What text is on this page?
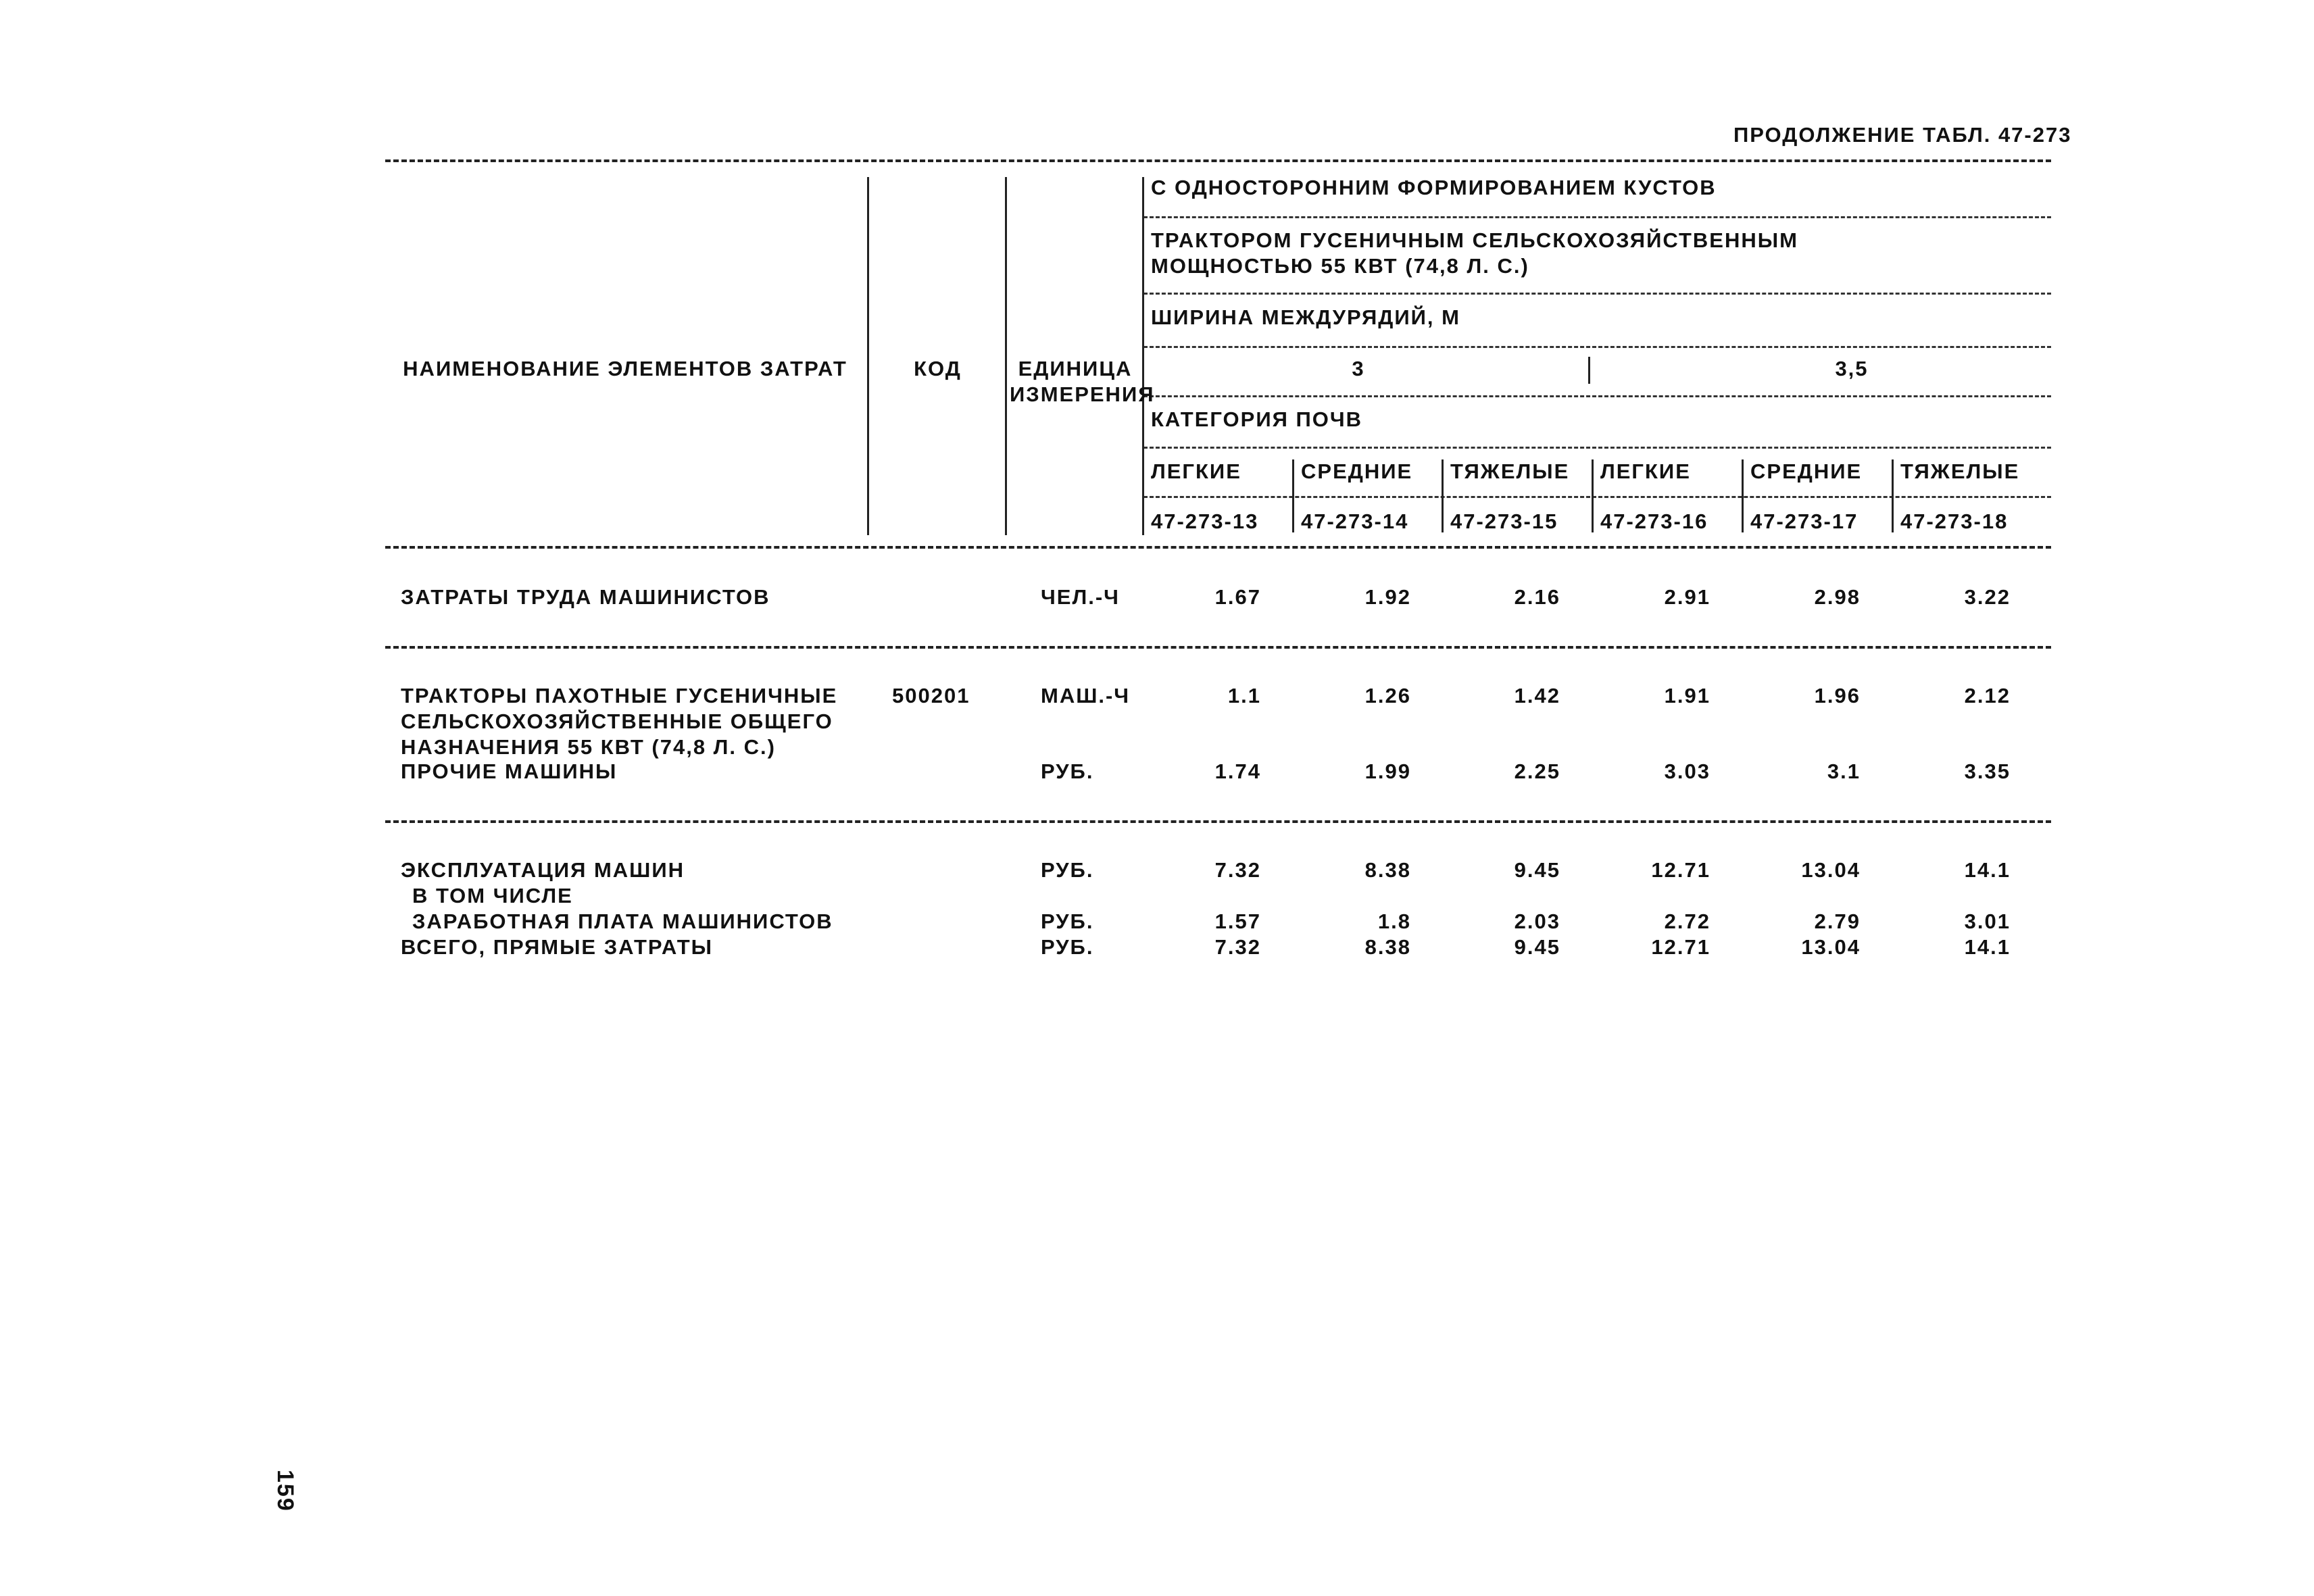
ПРОДОЛЖЕНИЕ ТАБЛ. 47-273
НАИМЕНОВАНИЕ ЭЛЕМЕНТОВ ЗАТРАТ	КОД	ЕДИНИЦА
ИЗМЕРЕНИЯ
С ОДНОСТОРОННИМ ФОРМИРОВАНИЕМ КУСТОВ
ТРАКТОРОМ ГУСЕНИЧНЫМ СЕЛЬСКОХОЗЯЙСТВЕННЫМ
МОЩНОСТЬЮ 55 КВТ (74,8 Л. С.)
ШИРИНА МЕЖДУРЯДИЙ, М
3	3,5
КАТЕГОРИЯ ПОЧВ
ЛЕГКИЕ	СРЕДНИЕ ТЯЖЕЛЫЕ ЛЕГКИЕ	СРЕДНИЕ ТЯЖЕЛЫЕ
47-273-13 47-273-14 47-273-15 47-273-16 47-273-17 47-273-18
ЗАТРАТЫ ТРУДА МАШИНИСТОВ	ЧЕЛ.-Ч	1.67	1.92	2.16	2.91	2.98	3.22
ТРАКТОРЫ ПАХОТНЫЕ ГУСЕНИЧНЫЕ
СЕЛЬСКОХОЗЯЙСТВЕННЫЕ ОБЩЕГО
НАЗНАЧЕНИЯ 55 КВТ (74,8 Л. С.)
500201	МАШ.-Ч	1.1	1.26	1.42	1.91	1.96	2.12
ПРОЧИЕ МАШИНЫ	РУБ.	1.74	1.99	2.25	3.03	3.1	3.35
ЭКСПЛУАТАЦИЯ МАШИН	РУБ.	7.32	8.38	9.45	12.71	13.04	14.1
В ТОМ ЧИСЛЕ
ЗАРАБОТНАЯ ПЛАТА МАШИНИСТОВ	РУБ.	1.57	1.8	2.03	2.72	2.79	3.01
ВСЕГО, ПРЯМЫЕ ЗАТРАТЫ	РУБ.	7.32	8.38	9.45	12.71	13.04	14.1
159
